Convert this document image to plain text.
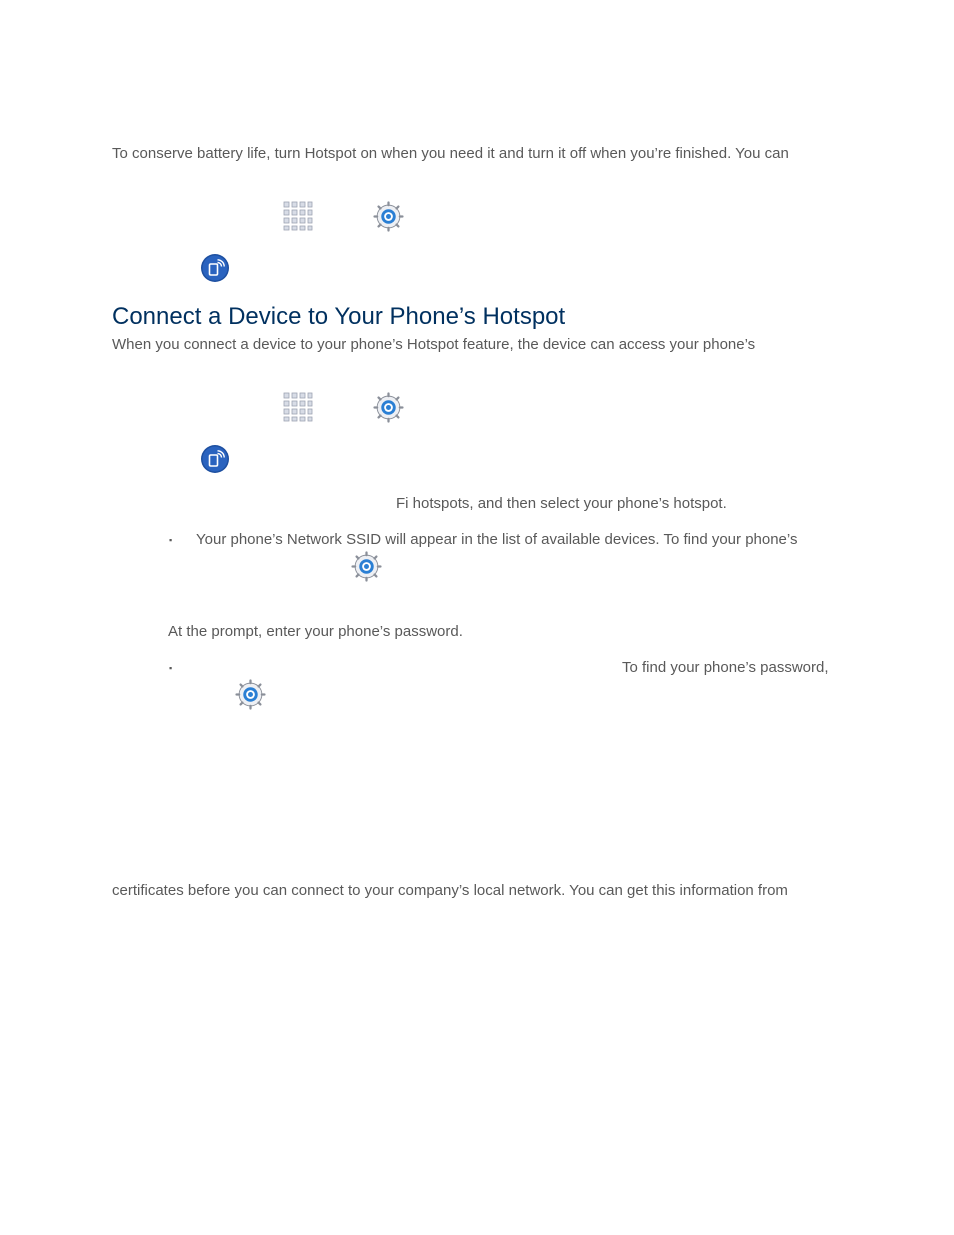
To conserve battery life, turn Hotspot on when you need it and turn it off when you’re finished. You can
Connect a Device to Your Phone’s Hotspot
When you connect a device to your phone’s Hotspot feature, the device can access your phone’s
Fi hotspots, and then select your phone’s hotspot.
▪ Your phone’s Network SSID will appear in the list of available devices. To find your phone’s
At the prompt, enter your phone’s password.
▪	To find your phone’s password,
certificates before you can connect to your company’s local network. You can get this information from
